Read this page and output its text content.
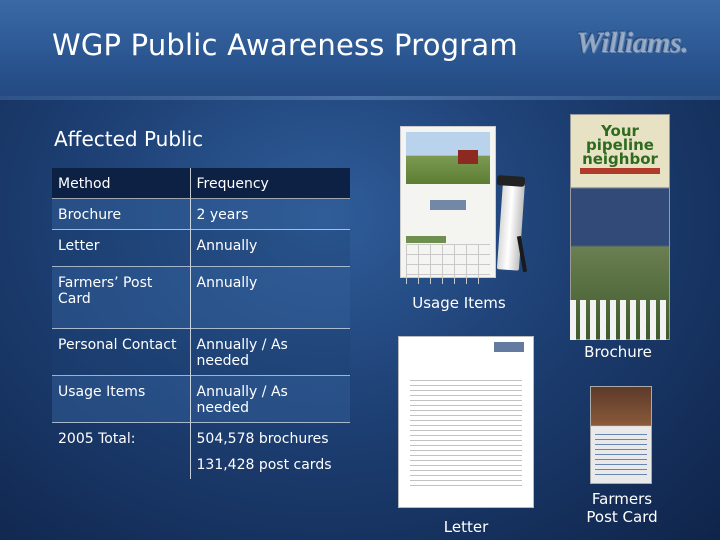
WGP Public Awareness Program Williams.
Affected Public
Method	Frequency
Brochure	2 years
Letter	Annually
Farmers’ Post Card	Annually
Personal Contact	Annually / As needed
Usage Items	Annually / As needed
2005 Total:	504,578 brochures
131,428 post cards
Usage Items
Your pipeline neighbor
Brochure
Letter
Farmers Post Card
